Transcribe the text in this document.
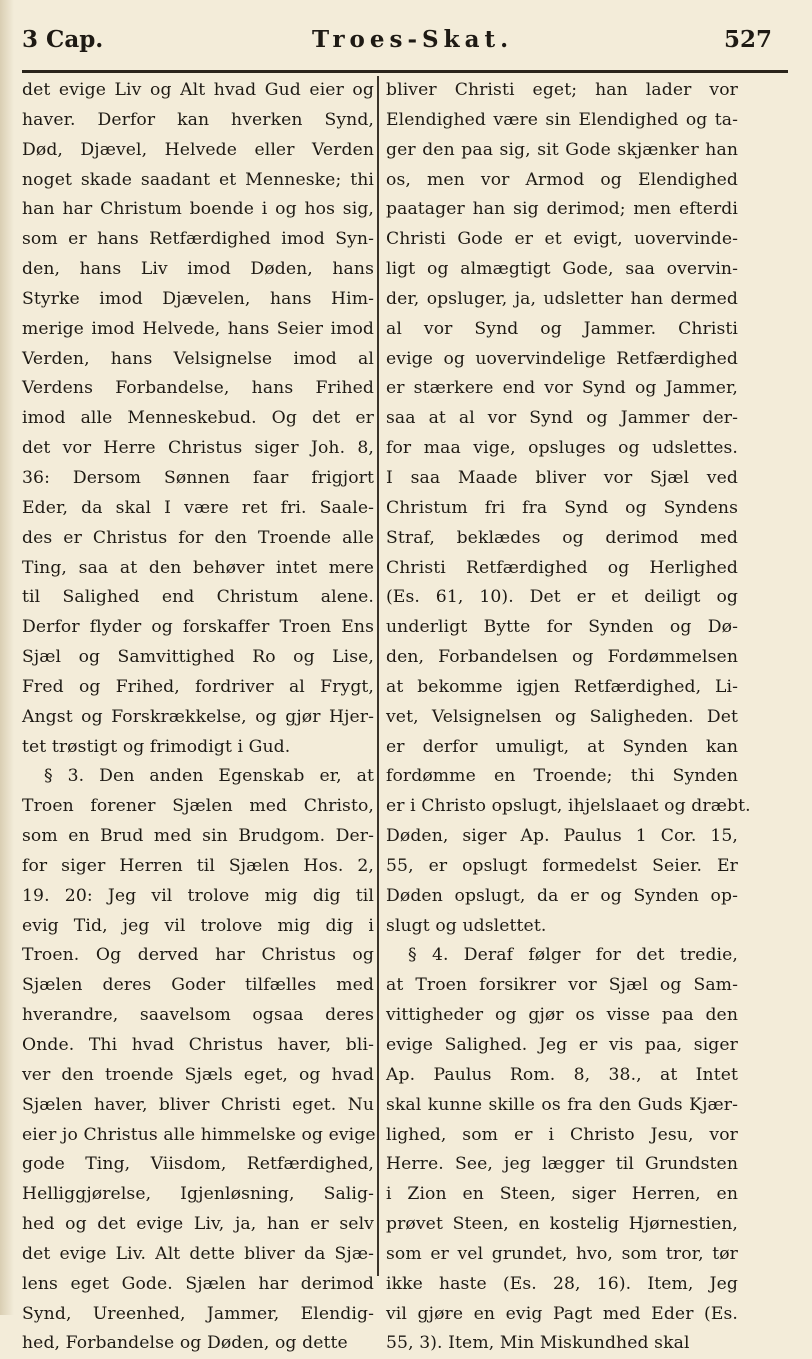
3 Cap.	Troes-Skat.	527
det evige Liv og Alt hvad Gud eier og
haver. Derfor kan hverken Synd,
Død, Djævel, Helvede eller Verden
noget skade saadant et Menneske; thi
han har Christum boende i og hos sig,
som er hans Retfærdighed imod Syn-
den, hans Liv imod Døden, hans
Styrke imod Djævelen, hans Him-
merige imod Helvede, hans Seier imod
Verden, hans Velsignelse imod al
Verdens Forbandelse, hans Frihed
imod alle Menneskebud. Og det er
det vor Herre Christus siger Joh. 8,
36: Dersom Sønnen faar frigjort
Eder, da skal I være ret fri. Saale-
des er Christus for den Troende alle
Ting, saa at den behøver intet mere
til Salighed end Christum alene.
Derfor flyder og forskaffer Troen Ens
Sjæl og Samvittighed Ro og Lise,
Fred og Frihed, fordriver al Frygt,
Angst og Forskrækkelse, og gjør Hjer-
tet trøstigt og frimodigt i Gud.
§ 3. Den anden Egenskab er, at
Troen forener Sjælen med Christo,
som en Brud med sin Brudgom. Der-
for siger Herren til Sjælen Hos. 2,
19. 20: Jeg vil trolove mig dig til
evig Tid, jeg vil trolove mig dig i
Troen. Og derved har Christus og
Sjælen deres Goder tilfælles med
hverandre, saavelsom ogsaa deres
Onde. Thi hvad Christus haver, bli-
ver den troende Sjæls eget, og hvad
Sjælen haver, bliver Christi eget. Nu
eier jo Christus alle himmelske og evige
gode Ting, Viisdom, Retfærdighed,
Helliggjørelse, Igjenløsning, Salig-
hed og det evige Liv, ja, han er selv
det evige Liv. Alt dette bliver da Sjæ-
lens eget Gode. Sjælen har derimod
Synd, Ureenhed, Jammer, Elendig-
hed, Forbandelse og Døden, og dette
bliver Christi eget; han lader vor
Elendighed være sin Elendighed og ta-
ger den paa sig, sit Gode skjænker han
os, men vor Armod og Elendighed
paatager han sig derimod; men efterdi
Christi Gode er et evigt, uovervinde-
ligt og almægtigt Gode, saa overvin-
der, opsluger, ja, udsletter han dermed
al vor Synd og Jammer. Christi
evige og uovervindelige Retfærdighed
er stærkere end vor Synd og Jammer,
saa at al vor Synd og Jammer der-
for maa vige, opsluges og udslettes.
I saa Maade bliver vor Sjæl ved
Christum fri fra Synd og Syndens
Straf, beklædes og derimod med
Christi Retfærdighed og Herlighed
(Es. 61, 10). Det er et deiligt og
underligt Bytte for Synden og Dø-
den, Forbandelsen og Fordømmelsen
at bekomme igjen Retfærdighed, Li-
vet, Velsignelsen og Saligheden. Det
er derfor umuligt, at Synden kan
fordømme en Troende; thi Synden
er i Christo opslugt, ihjelslaaet og dræbt.
Døden, siger Ap. Paulus 1 Cor. 15,
55, er opslugt formedelst Seier. Er
Døden opslugt, da er og Synden op-
slugt og udslettet.
§ 4. Deraf følger for det tredie,
at Troen forsikrer vor Sjæl og Sam-
vittigheder og gjør os visse paa den
evige Salighed. Jeg er vis paa, siger
Ap. Paulus Rom. 8, 38., at Intet
skal kunne skille os fra den Guds Kjær-
lighed, som er i Christo Jesu, vor
Herre. See, jeg lægger til Grundsten
i Zion en Steen, siger Herren, en
prøvet Steen, en kostelig Hjørnestien,
som er vel grundet, hvo, som tror, tør
ikke haste (Es. 28, 16). Item, Jeg
vil gjøre en evig Pagt med Eder (Es.
55, 3). Item, Min Miskundhed skal
